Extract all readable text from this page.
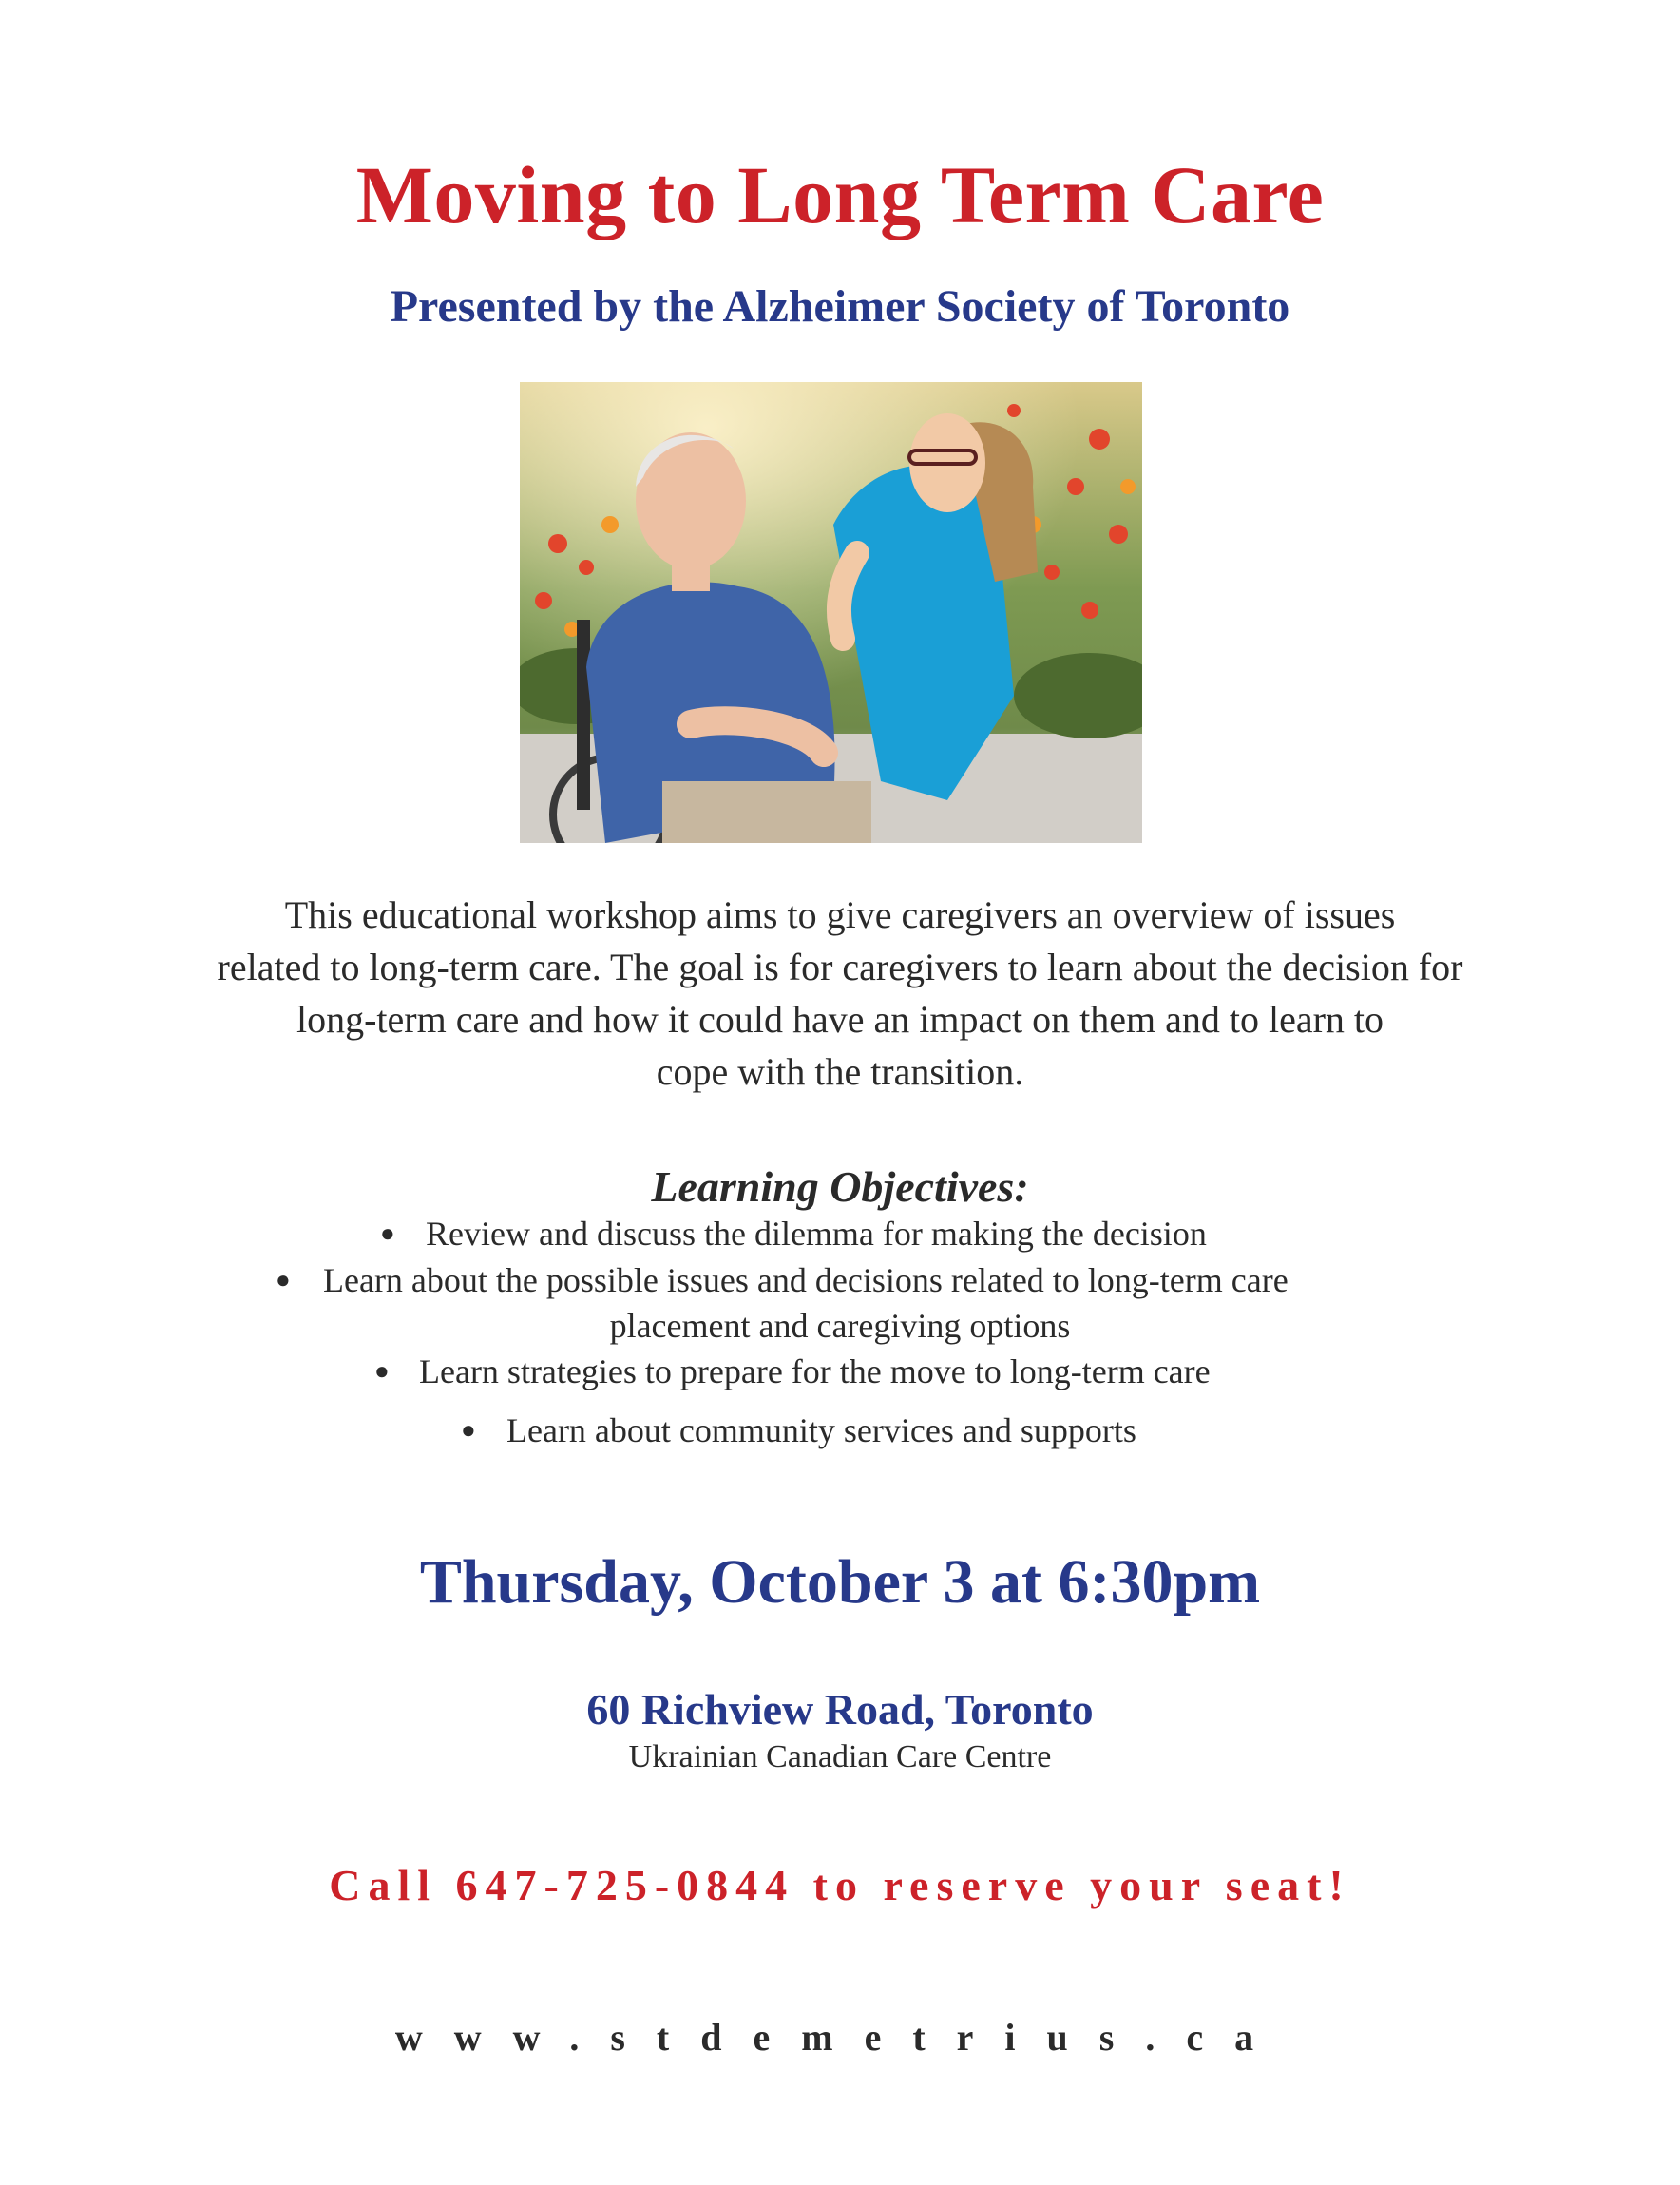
Moving to Long Term Care
Presented by the Alzheimer Society of Toronto
This educational workshop aims to give caregivers an overview of issues
related to long-term care. The goal is for caregivers to learn about the decision for
long-term care and how it could have an impact on them and to learn to
cope with the transition.
Learning Objectives:
● Review and discuss the dilemma for making the decision
● Learn about the possible issues and decisions related to long-term care
placement and caregiving options
● Learn strategies to prepare for the move to long-term care
● Learn about community services and supports
Thursday, October 3 at 6:30pm
60 Richview Road, Toronto
Ukrainian Canadian Care Centre
Call 647-725-0844 to reserve your seat!
www.stdemetrius.ca
